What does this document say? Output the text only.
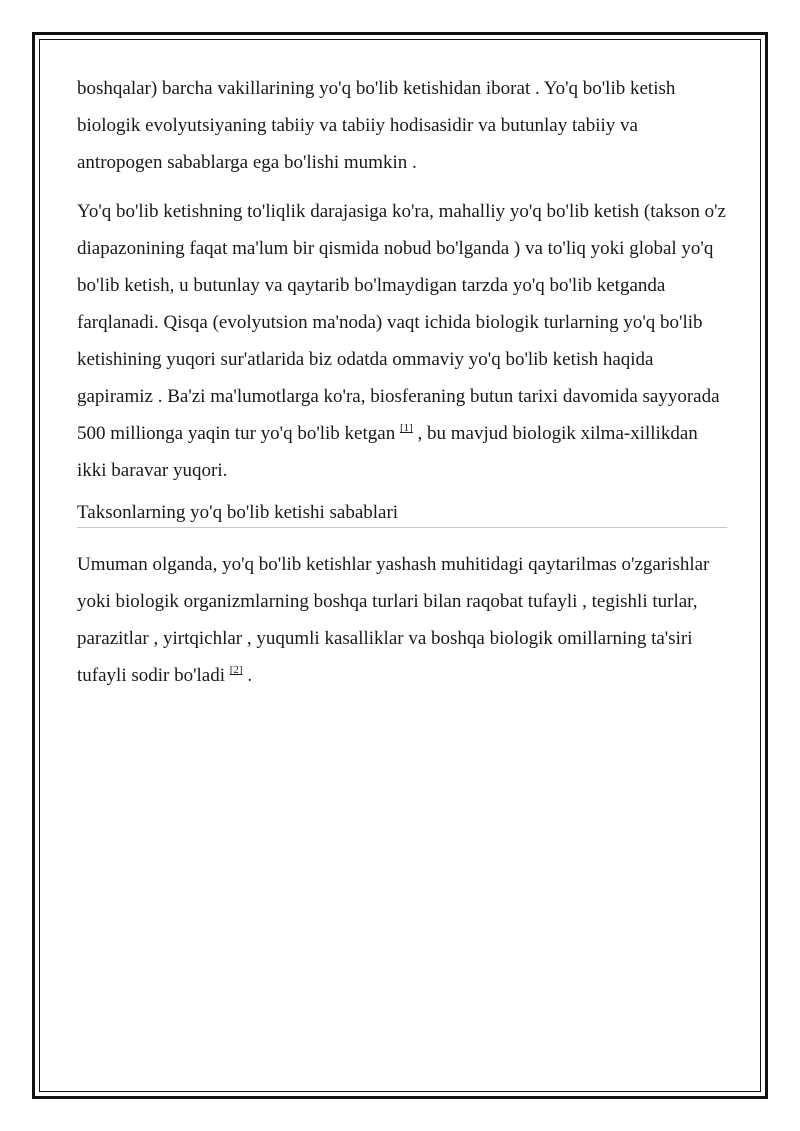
boshqalar) barcha vakillarining yo'q bo'lib ketishidan iborat . Yo'q bo'lib ketish biologik evolyutsiyaning tabiiy va tabiiy hodisasidir va butunlay tabiiy va antropogen sabablarga ega bo'lishi mumkin .

Yo'q bo'lib ketishning to'liqlik darajasiga ko'ra, mahalliy yo'q bo'lib ketish (takson o'z diapazonining faqat ma'lum bir qismida nobud bo'lganda ) va to'liq yoki global yo'q bo'lib ketish, u butunlay va qaytarib bo'lmaydigan tarzda yo'q bo'lib ketganda farqlanadi. Qisqa (evolyutsion ma'noda) vaqt ichida biologik turlarning yo'q bo'lib ketishining yuqori sur'atlarida biz odatda ommaviy yo'q bo'lib ketish haqida gapiramiz . Ba'zi ma'lumotlarga ko'ra, biosferaning butun tarixi davomida sayyorada 500 millionga yaqin tur yo'q bo'lib ketgan [1] , bu mavjud biologik xilma-xillikdan ikki baravar yuqori.

Taksonlarning yo'q bo'lib ketishi sabablari

Umuman olganda, yo'q bo'lib ketishlar yashash muhitidagi qaytarilmas o'zgarishlar yoki biologik organizmlarning boshqa turlari bilan raqobat tufayli , tegishli turlar, parazitlar , yirtqichlar , yuqumli kasalliklar va boshqa biologik omillarning ta'siri tufayli sodir bo'ladi [2] .
